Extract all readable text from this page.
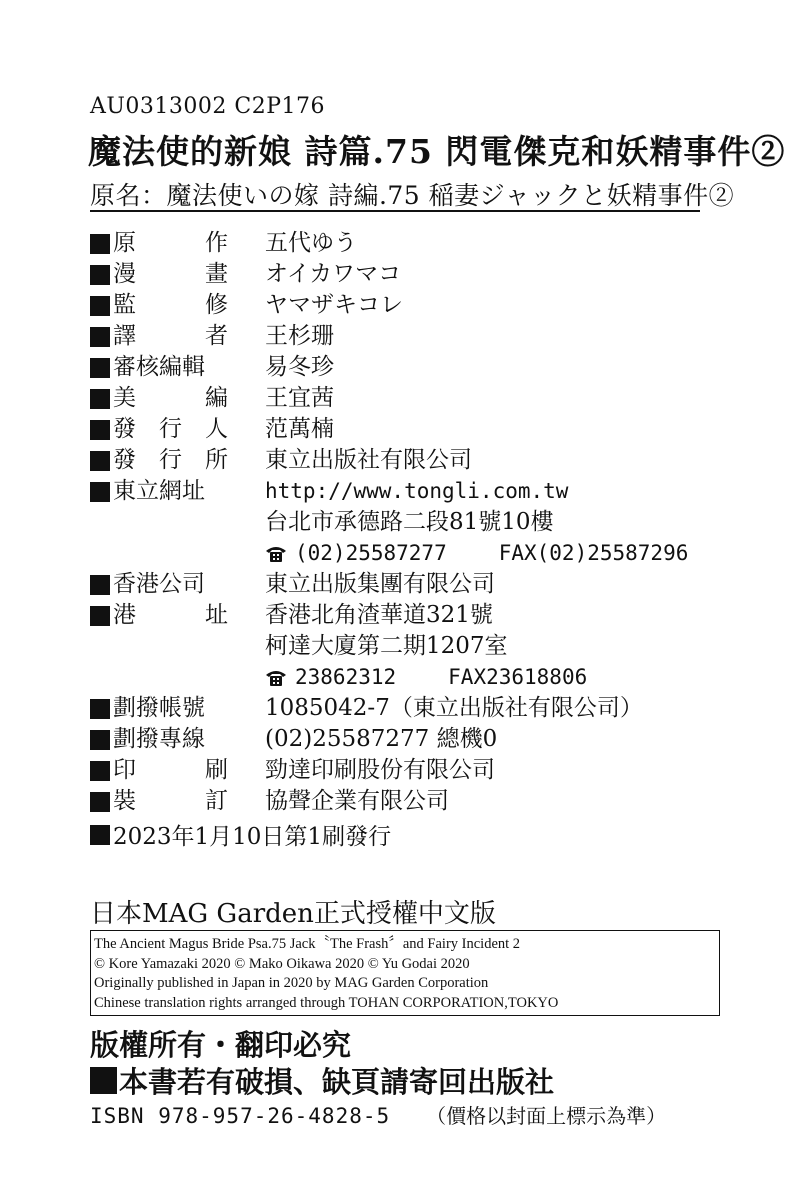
AU0313002 C2P176
魔法使的新娘 詩篇.75 閃電傑克和妖精事件②
原名：魔法使いの嫁 詩編.75 稲妻ジャックと妖精事件②
原作 五代ゆう
漫畫 オイカワマコ
監修 ヤマザキコレ
譯者 王杉珊
審核編輯	易冬珍
美編 王宜茜
發行人 范萬楠
發行所 東立出版社有限公司
東立網址	http://www.tongli.com.tw
台北市承德路二段81號10樓
(02)25587277 FAX(02)25587296
香港公司	東立出版集團有限公司
港址 香港北角渣華道321號
柯達大廈第二期1207室
23862312 FAX23618806
劃撥帳號	1085042-7（東立出版社有限公司）
劃撥專線	(02)25587277 總機0
印刷 勁達印刷股份有限公司
裝訂 協聲企業有限公司
2023年1月10日第1刷發行
日本MAG Garden正式授權中文版
The Ancient Magus Bride Psa.75 Jack〝The Frash〞and Fairy Incident 2
© Kore Yamazaki 2020 © Mako Oikawa 2020 © Yu Godai 2020
Originally published in Japan in 2020 by MAG Garden Corporation
Chinese translation rights arranged through TOHAN CORPORATION,TOKYO
版權所有・翻印必究
本書若有破損、缺頁請寄回出版社
ISBN 978-957-26-4828-5 （價格以封面上標示為準）
